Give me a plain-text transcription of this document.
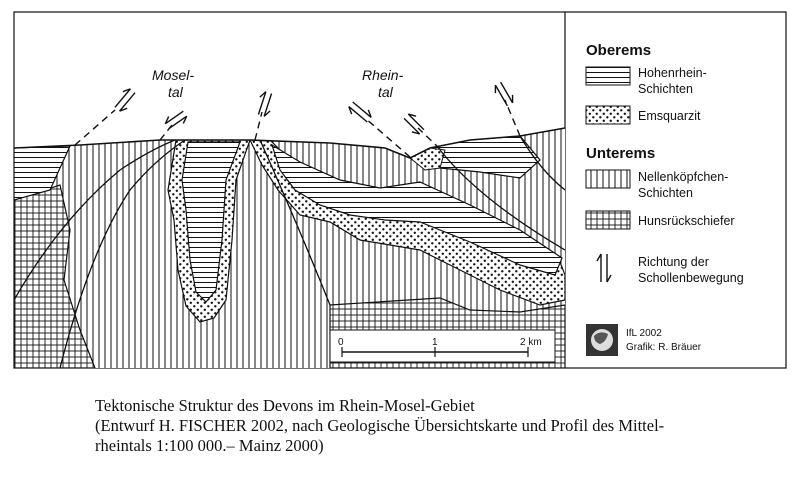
Mosel-
tal
Rhein-
tal
0	1	2 km
Oberems
Hohenrhein-
Schichten
Emsquarzit
Unterems
Nellenköpfchen-
Schichten
Hunsrückschiefer
Richtung der
Schollenbewegung
IfL 2002
Grafik: R. Bräuer
Tektonische Struktur des Devons im Rhein-Mosel-Gebiet
(Entwurf H. FISCHER 2002, nach Geologische Übersichtskarte und Profil des Mittel-
rheintals 1:100 000.– Mainz 2000)
